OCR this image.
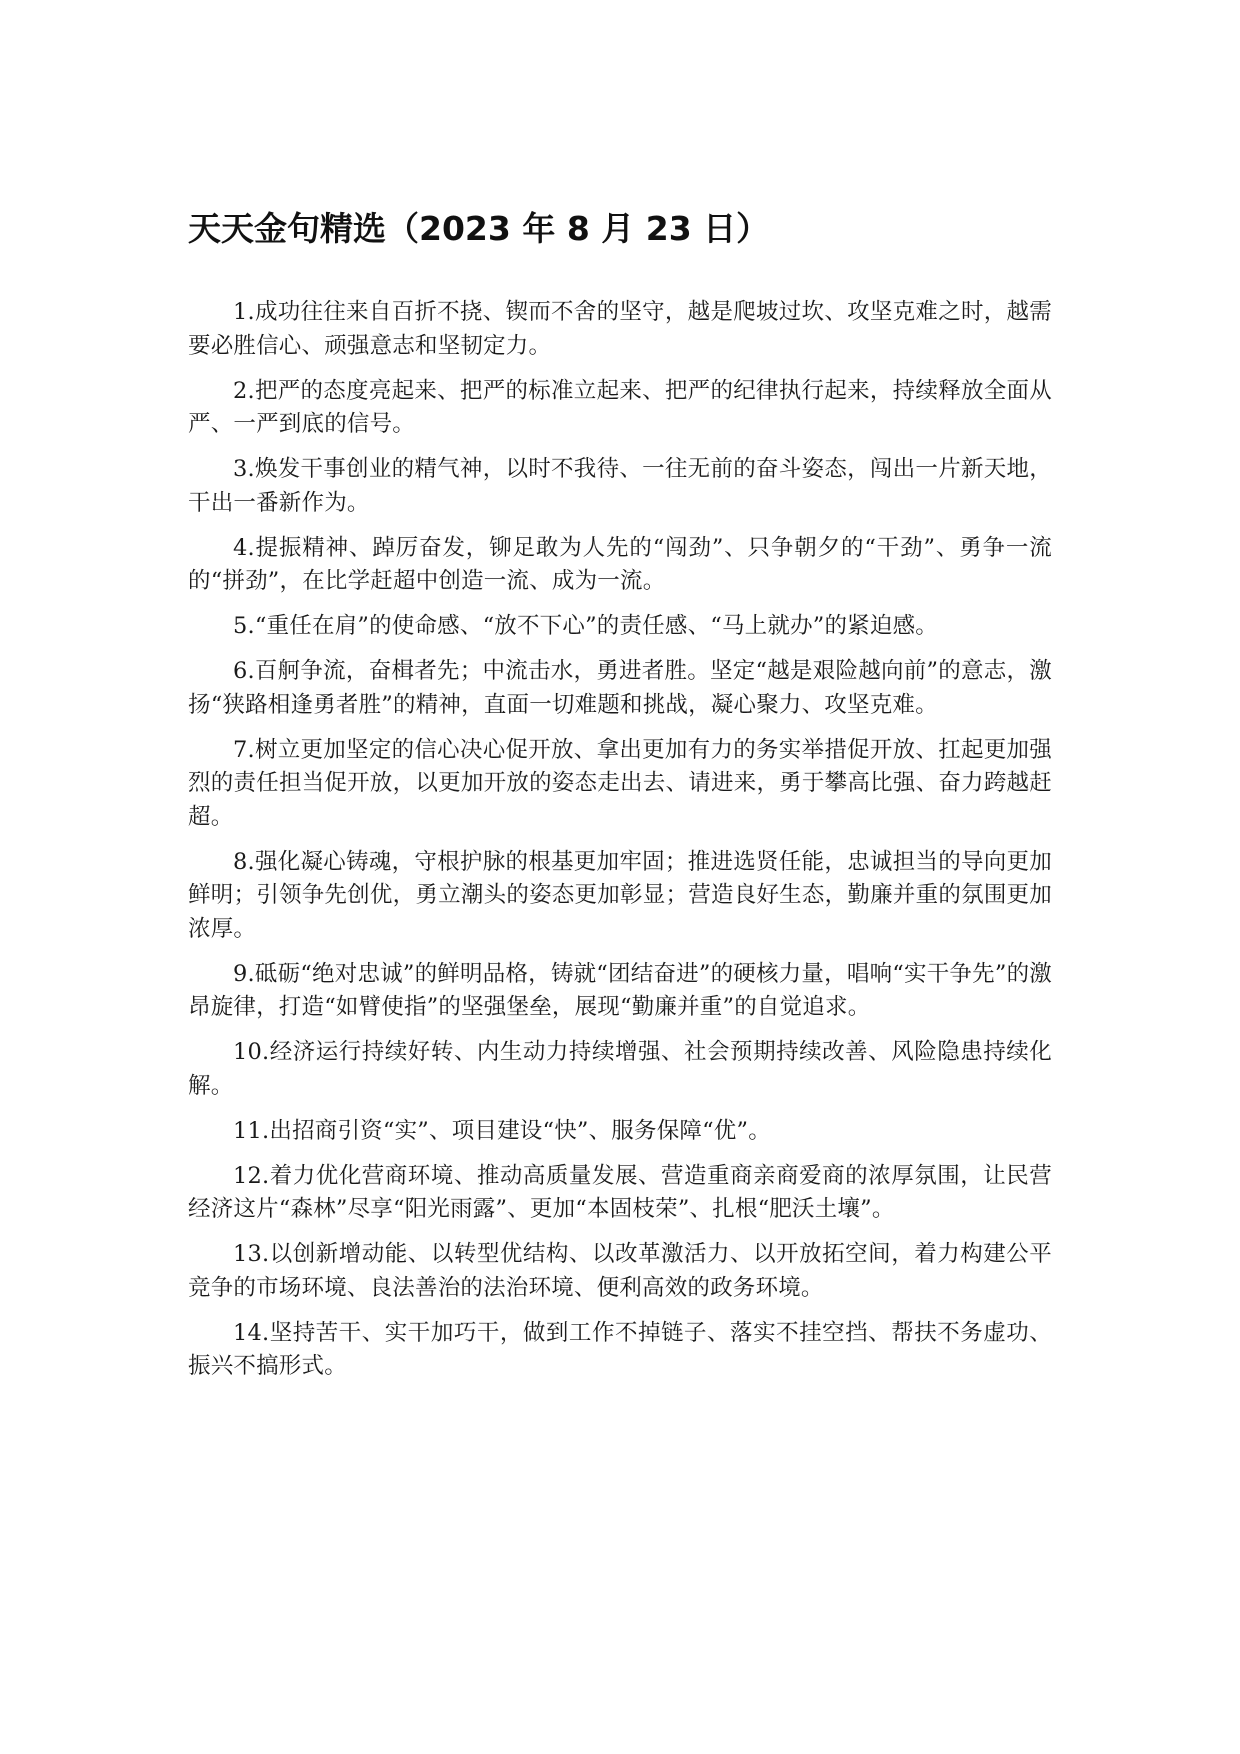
天天金句精选（2023 年 8 月 23 日）

1.成功往往来自百折不挠、锲而不舍的坚守，越是爬坡过坎、攻坚克难之时，越需要必胜信心、顽强意志和坚韧定力。

2.把严的态度亮起来、把严的标准立起来、把严的纪律执行起来，持续释放全面从严、一严到底的信号。

3.焕发干事创业的精气神，以时不我待、一往无前的奋斗姿态，闯出一片新天地，干出一番新作为。

4.提振精神、踔厉奋发，铆足敢为人先的“闯劲”、只争朝夕的“干劲”、勇争一流的“拼劲”，在比学赶超中创造一流、成为一流。

5.“重任在肩”的使命感、“放不下心”的责任感、“马上就办”的紧迫感。

6.百舸争流，奋楫者先；中流击水，勇进者胜。坚定“越是艰险越向前”的意志，激扬“狭路相逢勇者胜”的精神，直面一切难题和挑战，凝心聚力、攻坚克难。

7.树立更加坚定的信心决心促开放、拿出更加有力的务实举措促开放、扛起更加强烈的责任担当促开放，以更加开放的姿态走出去、请进来，勇于攀高比强、奋力跨越赶超。

8.强化凝心铸魂，守根护脉的根基更加牢固；推进选贤任能，忠诚担当的导向更加鲜明；引领争先创优，勇立潮头的姿态更加彰显；营造良好生态，勤廉并重的氛围更加浓厚。

9.砥砺“绝对忠诚”的鲜明品格，铸就“团结奋进”的硬核力量，唱响“实干争先”的激昂旋律，打造“如臂使指”的坚强堡垒，展现“勤廉并重”的自觉追求。

10.经济运行持续好转、内生动力持续增强、社会预期持续改善、风险隐患持续化解。

11.出招商引资“实”、项目建设“快”、服务保障“优”。

12.着力优化营商环境、推动高质量发展、营造重商亲商爱商的浓厚氛围，让民营经济这片“森林”尽享“阳光雨露”、更加“本固枝荣”、扎根“肥沃土壤”。

13.以创新增动能、以转型优结构、以改革激活力、以开放拓空间，着力构建公平竞争的市场环境、良法善治的法治环境、便利高效的政务环境。

14.坚持苦干、实干加巧干，做到工作不掉链子、落实不挂空挡、帮扶不务虚功、振兴不搞形式。
